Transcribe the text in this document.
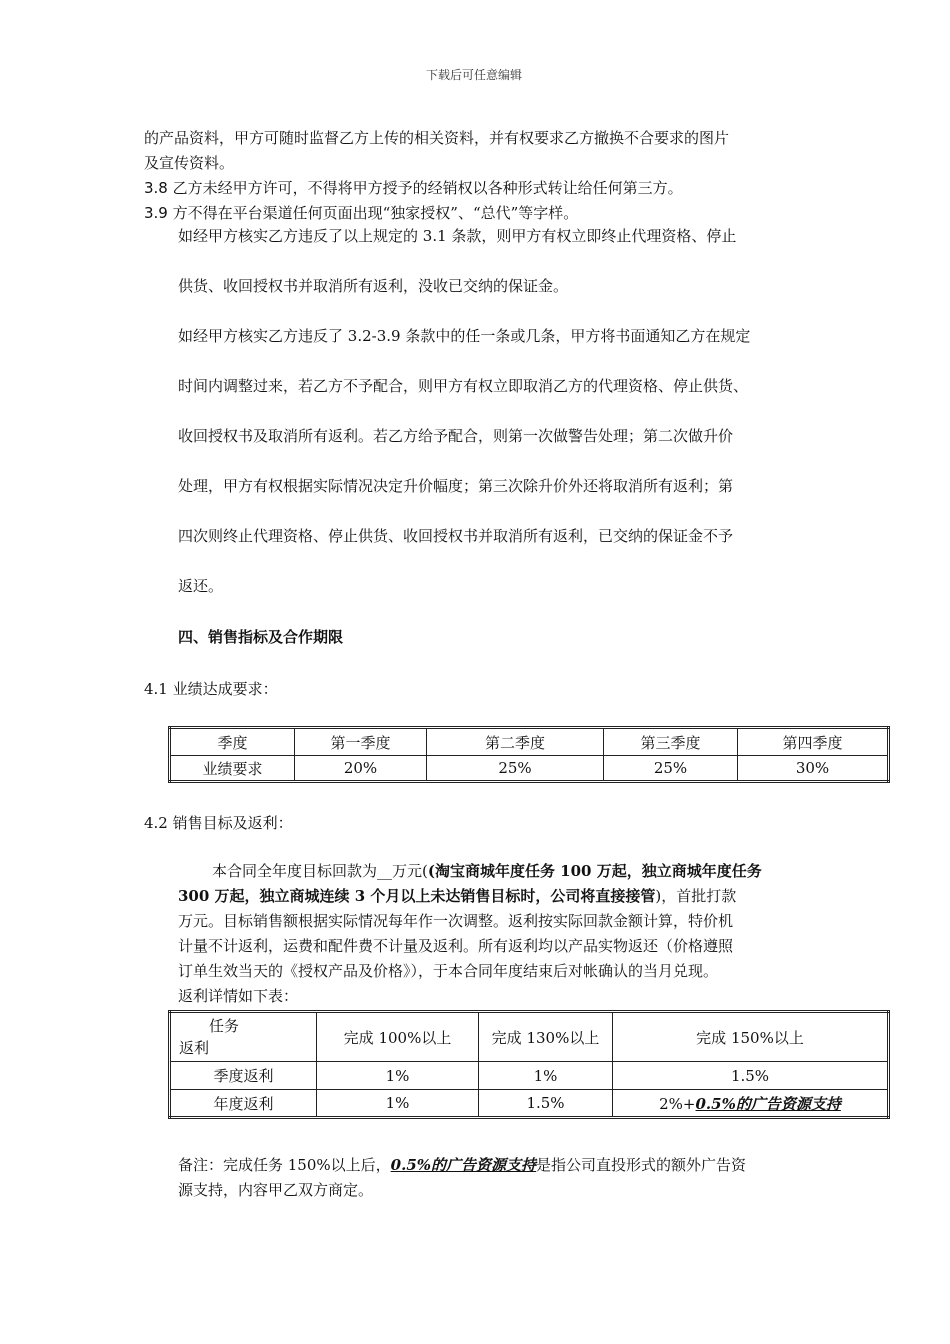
下载后可任意编辑
的产品资料，甲方可随时监督乙方上传的相关资料，并有权要求乙方撤换不合要求的图片
及宣传资料。
3.8 乙方未经甲方许可，不得将甲方授予的经销权以各种形式转让给任何第三方。
3.9 方不得在平台渠道任何页面出现“独家授权”、“总代”等字样。
如经甲方核实乙方违反了以上规定的 3.1 条款，则甲方有权立即终止代理资格、停止
供货、收回授权书并取消所有返利，没收已交纳的保证金。
如经甲方核实乙方违反了 3.2-3.9 条款中的任一条或几条，甲方将书面通知乙方在规定
时间内调整过来，若乙方不予配合，则甲方有权立即取消乙方的代理资格、停止供货、
收回授权书及取消所有返利。若乙方给予配合，则第一次做警告处理；第二次做升价
处理，甲方有权根据实际情况决定升价幅度；第三次除升价外还将取消所有返利；第
四次则终止代理资格、停止供货、收回授权书并取消所有返利，已交纳的保证金不予
返还。
四、销售指标及合作期限
4.1 业绩达成要求：
季度	第一季度	第二季度	第三季度	第四季度
业绩要求	20%	25%	25%	30%
4.2 销售目标及返利：
本合同全年度目标回款为__万元((淘宝商城年度任务 100 万起，独立商城年度任务
300 万起，独立商城连续 3 个月以上未达销售目标时，公司将直接接管)，首批打款
万元。目标销售额根据实际情况每年作一次调整。返利按实际回款金额计算，特价机
计量不计返利，运费和配件费不计量及返利。所有返利均以产品实物返还（价格遵照
订单生效当天的《授权产品及价格》），于本合同年度结束后对帐确认的当月兑现。
返利详情如下表：
任务
返利	完成 100%以上	完成 130%以上	完成 150%以上
季度返利	1%	1%	1.5%
年度返利	1%	1.5%	2%+0.5%的广告资源支持
备注：完成任务 150%以上后，0.5%的广告资源支持是指公司直投形式的额外广告资
源支持，内容甲乙双方商定。
